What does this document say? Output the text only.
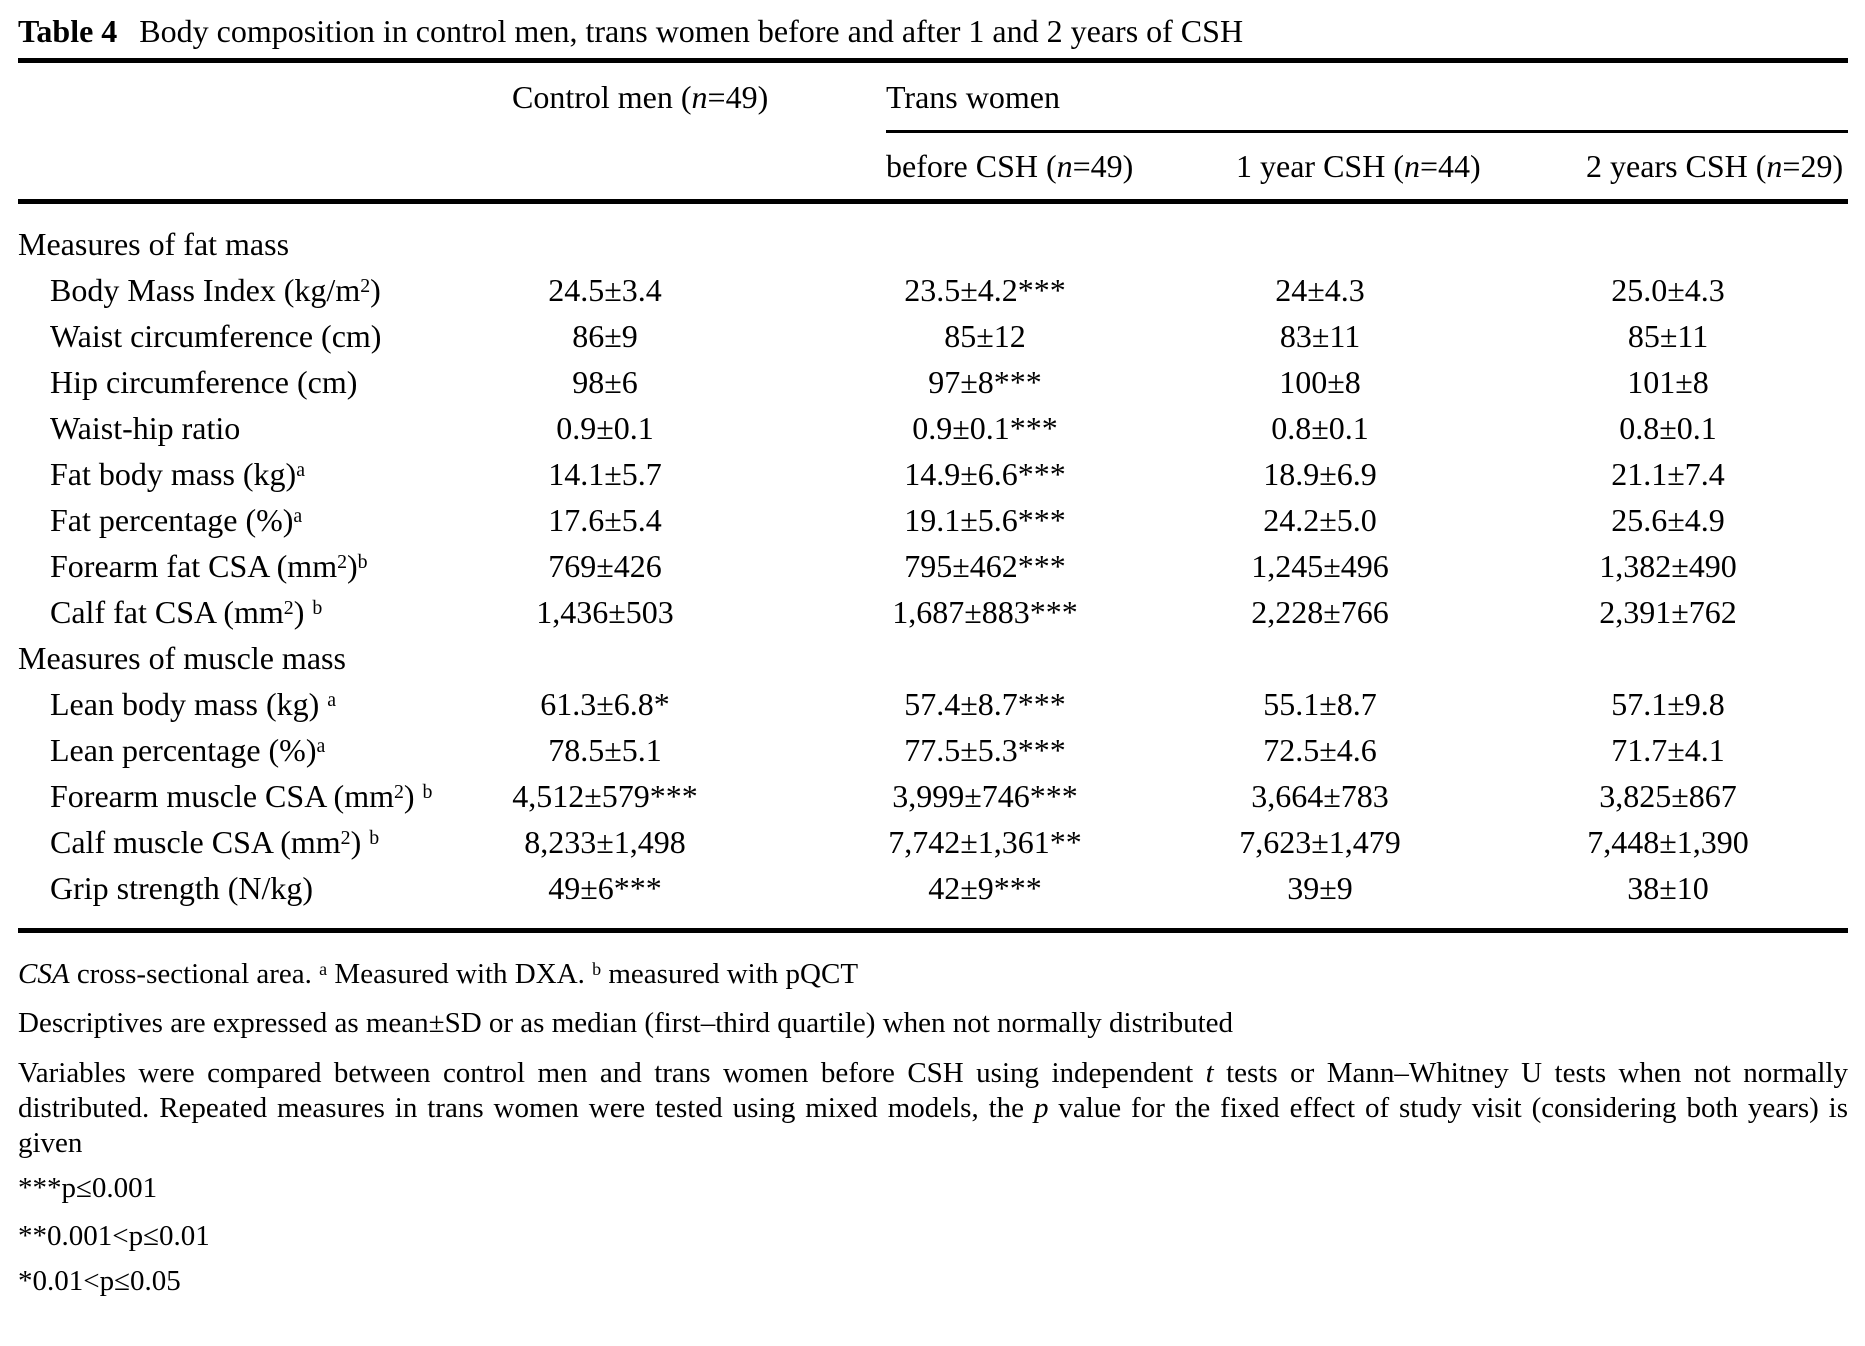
Table 4 Body composition in control men, trans women before and after 1 and 2 years of CSH
	Control men (n=49)	Trans women		
		before CSH (n=49)	1 year CSH (n=44)	2 years CSH (n=29)
Measures of fat mass				
Body Mass Index $(kg/m^2)$	24.5±3.4	23.5±4.2***	24±4.3	25.0±4.3
Waist circumference (cm)	86±9	85±12	83±11	85±11
Hip circumference (cm)	98±6	97±8***	100±8	101±8
Waist-hip ratio	0.9±0.1	0.9±0.1***	0.8±0.1	0.8±0.1
Fat body mass (kg)$^a$	14.1±5.7	14.9±6.6***	18.9±6.9	21.1±7.4
Fat percentage (%)$^a$	17.6±5.4	19.1±5.6***	24.2±5.0	25.6±4.9
Forearm fat CSA $(mm^2)^b$	769±426	795±462***	1,245±496	1,382±490
Calf fat CSA $(mm^2)$ $^b$	1,436±503	1,687±883***	2,228±766	2,391±762
Measures of muscle mass				
Lean body mass (kg) $^a$	61.3±6.8*	57.4±8.7***	55.1±8.7	57.1±9.8
Lean percentage (%)$^a$	78.5±5.1	77.5±5.3***	72.5±4.6	71.7±4.1
Forearm muscle CSA $(mm^2)$ $^b$	4,512±579***	3,999±746***	3,664±783	3,825±867
Calf muscle CSA $(mm^2)$ $^b$	8,233±1,498	7,742±1,361**	7,623±1,479	7,448±1,390
Grip strength (N/kg)	49±6***	42±9***	39±9	38±10
CSA cross-sectional area. $^a$ Measured with DXA. $^b$ measured with pQCT
Descriptives are expressed as mean±SD or as median (first–third quartile) when not normally distributed
Variables were compared between control men and trans women before CSH using independent t tests or Mann–Whitney U tests when not normally distributed. Repeated measures in trans women were tested using mixed models, the p value for the fixed effect of study visit (considering both years) is given
***p≤0.001
**0.001<p≤0.01
*0.01<p≤0.05
